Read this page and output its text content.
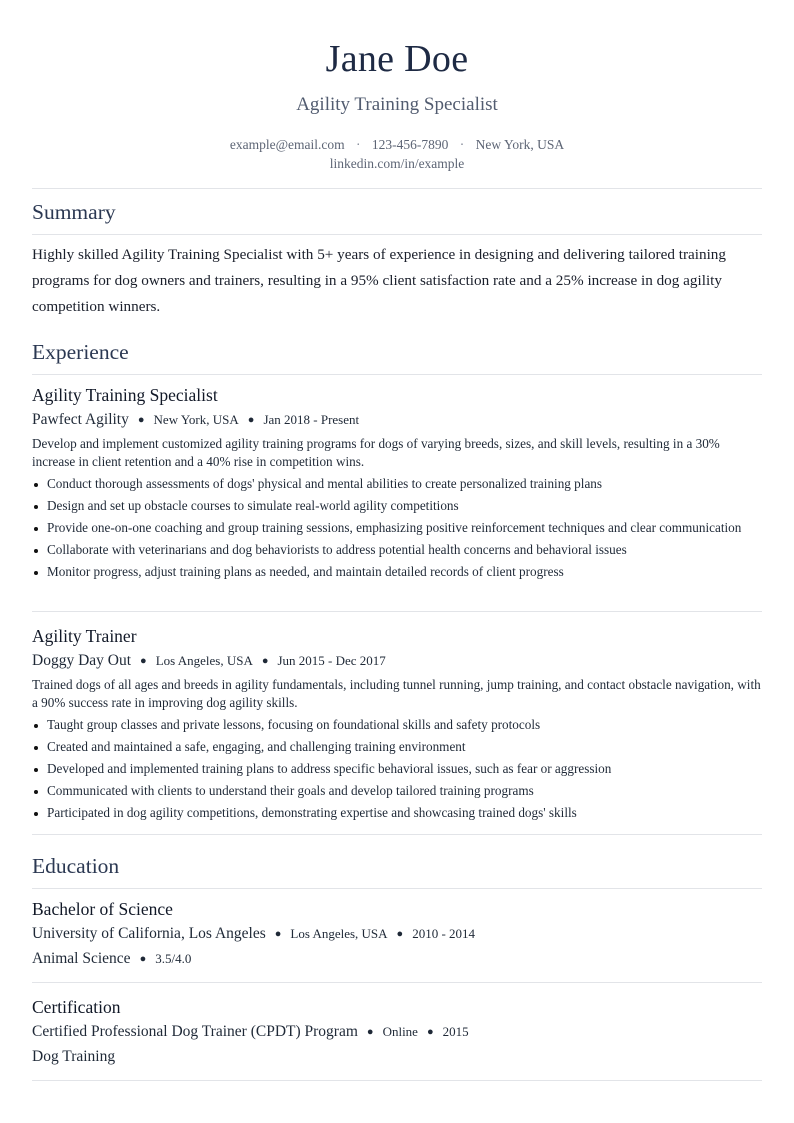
Jane Doe
Agility Training Specialist
example@email.com · 123-456-7890 · New York, USA
linkedin.com/in/example
Summary

Highly skilled Agility Training Specialist with 5+ years of experience in designing and delivering tailored training programs for dog owners and trainers, resulting in a 95% client satisfaction rate and a 25% increase in dog agility competition winners.

Experience
Agility Training Specialist
Pawfect Agility ● New York, USA ● Jan 2018 - Present

Develop and implement customized agility training programs for dogs of varying breeds, sizes, and skill levels, resulting in a 30% increase in client retention and a 40% rise in competition wins.

Conduct thorough assessments of dogs' physical and mental abilities to create personalized training plans
Design and set up obstacle courses to simulate real-world agility competitions
Provide one-on-one coaching and group training sessions, emphasizing positive reinforcement techniques and clear communication
Collaborate with veterinarians and dog behaviorists to address potential health concerns and behavioral issues
Monitor progress, adjust training plans as needed, and maintain detailed records of client progress
Agility Trainer
Doggy Day Out ● Los Angeles, USA ● Jun 2015 - Dec 2017

Trained dogs of all ages and breeds in agility fundamentals, including tunnel running, jump training, and contact obstacle navigation, with a 90% success rate in improving dog agility skills.

Taught group classes and private lessons, focusing on foundational skills and safety protocols
Created and maintained a safe, engaging, and challenging training environment
Developed and implemented training plans to address specific behavioral issues, such as fear or aggression
Communicated with clients to understand their goals and develop tailored training programs
Participated in dog agility competitions, demonstrating expertise and showcasing trained dogs' skills
Education
Bachelor of Science
University of California, Los Angeles ● Los Angeles, USA ● 2010 - 2014
Animal Science ● 3.5/4.0
Certification
Certified Professional Dog Trainer (CPDT) Program ● Online ● 2015
Dog Training
